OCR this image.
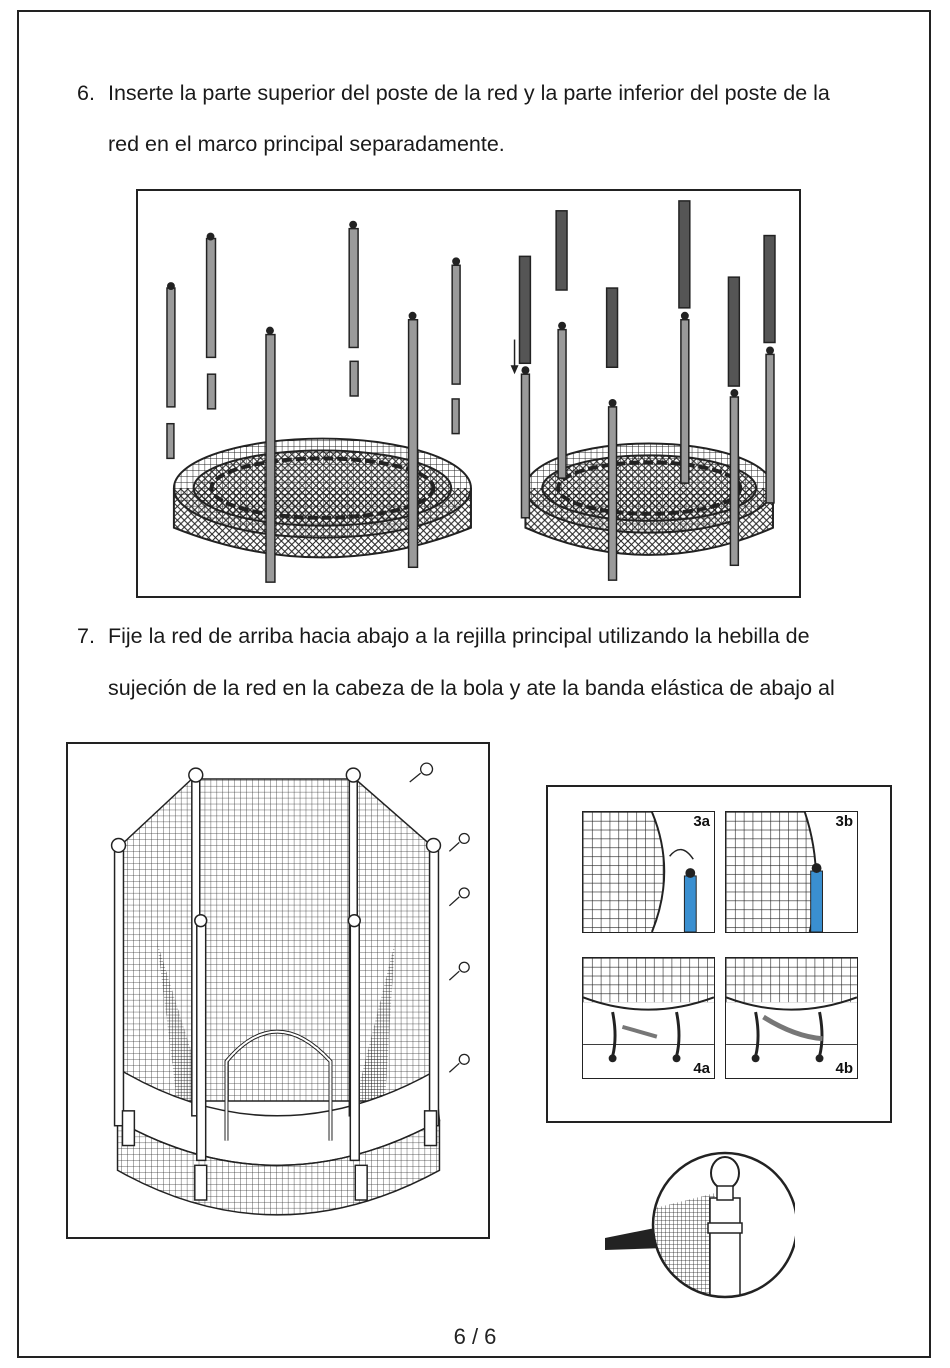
6. Inserte la parte superior del poste de la red y la parte inferior del poste de la
red en el marco principal separadamente.
7. Fije la red de arriba hacia abajo a la rejilla principal utilizando la hebilla de
sujeción de la red en la cabeza de la bola y ate la banda elástica de abajo al
3a	3b
4a	4b
6 / 6
